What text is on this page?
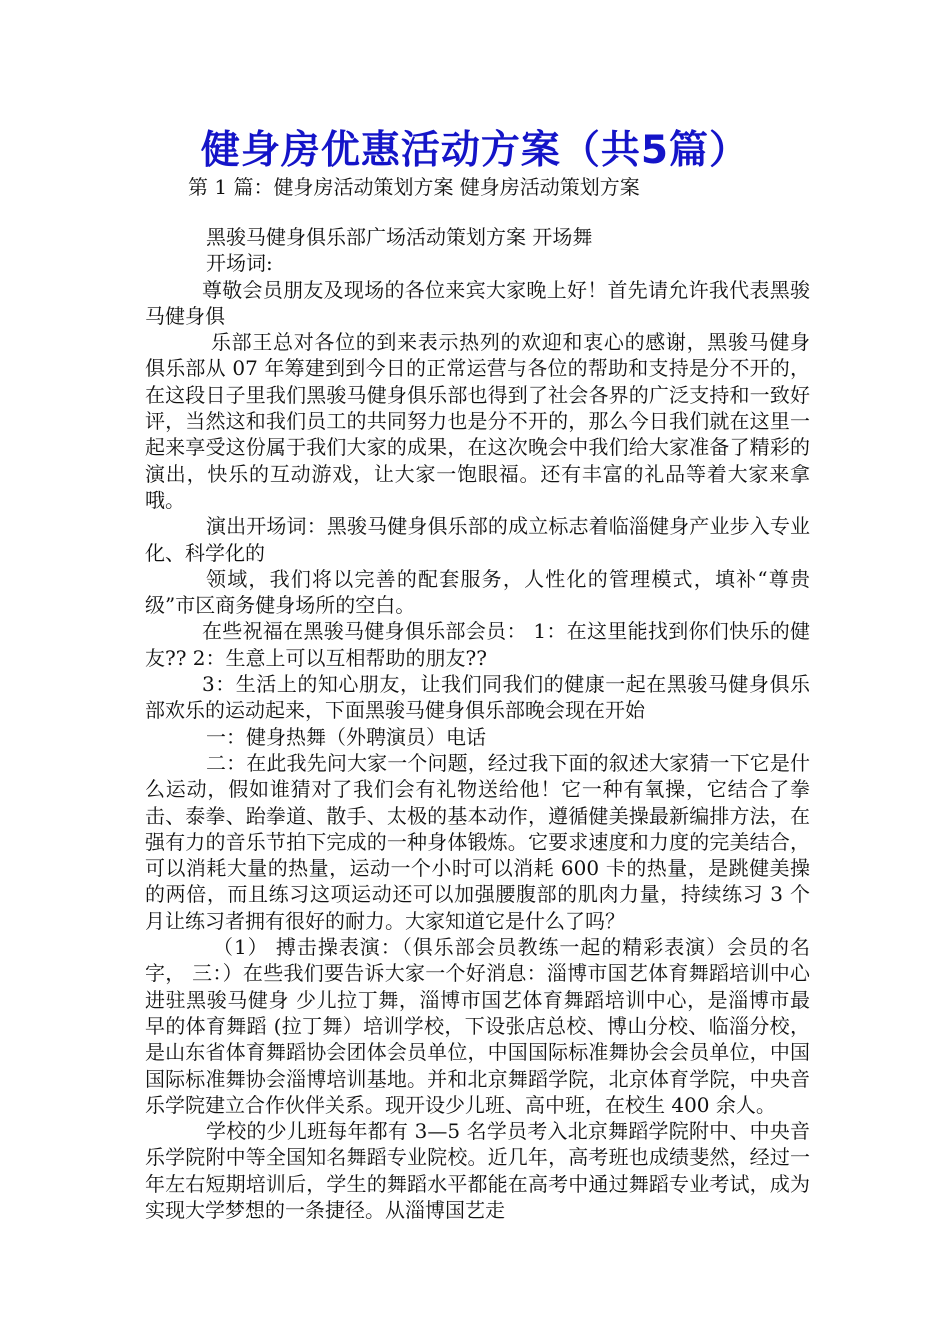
健身房优惠活动方案（共5篇）
第 1 篇：健身房活动策划方案 健身房活动策划方案

黑骏马健身俱乐部广场活动策划方案 开场舞

开场词:

尊敬会员朋友及现场的各位来宾大家晚上好！首先请允许我代表黑骏马健身俱

乐部王总对各位的到来表示热列的欢迎和衷心的感谢，黑骏马健身俱乐部从 07 年筹建到到今日的正常运营与各位的帮助和支持是分不开的，在这段日子里我们黑骏马健身俱乐部也得到了社会各界的广泛支持和一致好评，当然这和我们员工的共同努力也是分不开的，那么今日我们就在这里一起来享受这份属于我们大家的成果，在这次晚会中我们给大家准备了精彩的演出，快乐的互动游戏，让大家一饱眼福。还有丰富的礼品等着大家来拿哦。

演出开场词：黑骏马健身俱乐部的成立标志着临淄健身产业步入专业化、科学化的

领域，我们将以完善的配套服务，人性化的管理模式，填补“尊贵级”市区商务健身场所的空白。

在些祝福在黑骏马健身俱乐部会员： 1：在这里能找到你们快乐的健友?? 2：生意上可以互相帮助的朋友??

3：生活上的知心朋友，让我们同我们的健康一起在黑骏马健身俱乐部欢乐的运动起来，下面黑骏马健身俱乐部晚会现在开始

一：健身热舞（外聘演员）电话

二：在此我先问大家一个问题，经过我下面的叙述大家猜一下它是什么运动，假如谁猜对了我们会有礼物送给他！它一种有氧操，它结合了拳击、泰拳、跆拳道、散手、太极的基本动作，遵循健美操最新编排方法，在强有力的音乐节拍下完成的一种身体锻炼。它要求速度和力度的完美结合，可以消耗大量的热量，运动一个小时可以消耗 600 卡的热量，是跳健美操的两倍，而且练习这项运动还可以加强腰腹部的肌肉力量，持续练习 3 个月让练习者拥有很好的耐力。大家知道它是什么了吗？

（1） 搏击操表演：（俱乐部会员教练一起的精彩表演）会员的名字， 三：）在些我们要告诉大家一个好消息：淄博市国艺体育舞蹈培训中心进驻黑骏马健身 少儿拉丁舞，淄博市国艺体育舞蹈培训中心，是淄博市最早的体育舞蹈 (拉丁舞）培训学校，下设张店总校、博山分校、临淄分校，是山东省体育舞蹈协会团体会员单位，中国国际标准舞协会会员单位，中国国际标准舞协会淄博培训基地。并和北京舞蹈学院，北京体育学院，中央音乐学院建立合作伙伴关系。现开设少儿班、高中班，在校生 400 余人。

学校的少儿班每年都有 3—5 名学员考入北京舞蹈学院附中、中央音乐学院附中等全国知名舞蹈专业院校。近几年，高考班也成绩斐然，经过一年左右短期培训后，学生的舞蹈水平都能在高考中通过舞蹈专业考试，成为实现大学梦想的一条捷径。从淄博国艺走
